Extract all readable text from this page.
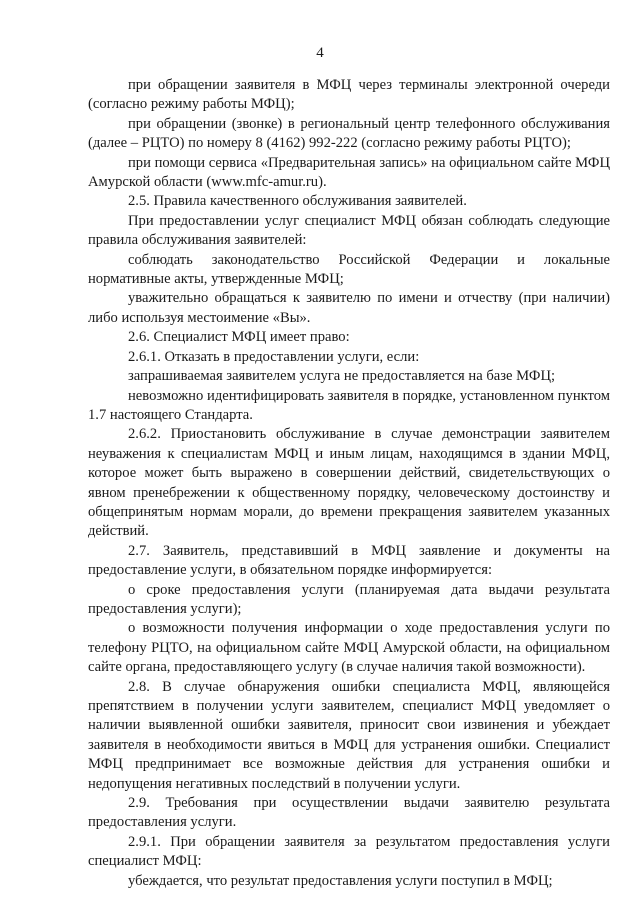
4

при обращении заявителя в МФЦ через терминалы электронной очереди (согласно режиму работы МФЦ);

при обращении (звонке) в региональный центр телефонного обслуживания (далее – РЦТО) по номеру 8 (4162) 992-222 (согласно режиму работы РЦТО);

при помощи сервиса «Предварительная запись» на официальном сайте МФЦ Амурской области (www.mfc-amur.ru).

2.5. Правила качественного обслуживания заявителей.

При предоставлении услуг специалист МФЦ обязан соблюдать следующие правила обслуживания заявителей:

соблюдать законодательство Российской Федерации и локальные нормативные акты, утвержденные МФЦ;

уважительно обращаться к заявителю по имени и отчеству (при наличии) либо используя местоимение «Вы».

2.6. Специалист МФЦ имеет право:

2.6.1. Отказать в предоставлении услуги, если:

запрашиваемая заявителем услуга не предоставляется на базе МФЦ;

невозможно идентифицировать заявителя в порядке, установленном пунктом 1.7 настоящего Стандарта.

2.6.2. Приостановить обслуживание в случае демонстрации заявителем неуважения к специалистам МФЦ и иным лицам, находящимся в здании МФЦ, которое может быть выражено в совершении действий, свидетельствующих о явном пренебрежении к общественному порядку, человеческому достоинству и общепринятым нормам морали, до времени прекращения заявителем указанных действий.

2.7. Заявитель, представивший в МФЦ заявление и документы на предоставление услуги, в обязательном порядке информируется:

о сроке предоставления услуги (планируемая дата выдачи результата предоставления услуги);

о возможности получения информации о ходе предоставления услуги по телефону РЦТО, на официальном сайте МФЦ Амурской области, на официальном сайте органа, предоставляющего услугу (в случае наличия такой возможности).

2.8. В случае обнаружения ошибки специалиста МФЦ, являющейся препятствием в получении услуги заявителем, специалист МФЦ уведомляет о наличии выявленной ошибки заявителя, приносит свои извинения и убеждает заявителя в необходимости явиться в МФЦ для устранения ошибки. Специалист МФЦ предпринимает все возможные действия для устранения ошибки и недопущения негативных последствий в получении услуги.

2.9. Требования при осуществлении выдачи заявителю результата предоставления услуги.

2.9.1. При обращении заявителя за результатом предоставления услуги специалист МФЦ:

убеждается, что результат предоставления услуги поступил в МФЦ;
